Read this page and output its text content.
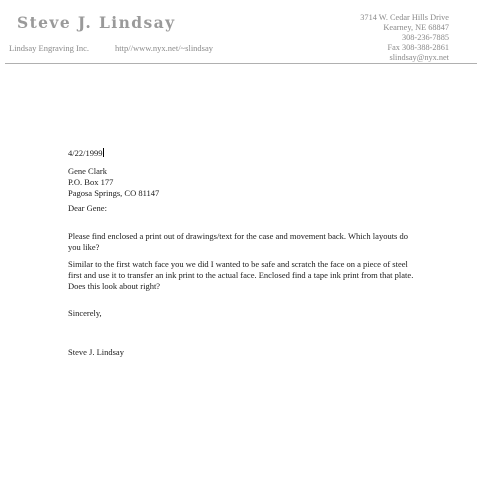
Steve J. Lindsay
Lindsay Engraving Inc.	http//www.nyx.net/~slindsay
3714 W. Cedar Hills Drive
Kearney, NE 68847
308-236-7885
Fax 308-388-2861
slindsay@nyx.net
4/22/1999

Gene Clark

P.O. Box 177

Pagosa Springs, CO 81147

Dear Gene:

Please find enclosed a print out of drawings/text for the case and movement back. Which layouts do you like?

Similar to the first watch face you we did I wanted to be safe and scratch the face on a piece of steel first and use it to transfer an ink print to the actual face. Enclosed find a tape ink print from that plate. Does this look about right?

Sincerely,
Steve J. Lindsay
